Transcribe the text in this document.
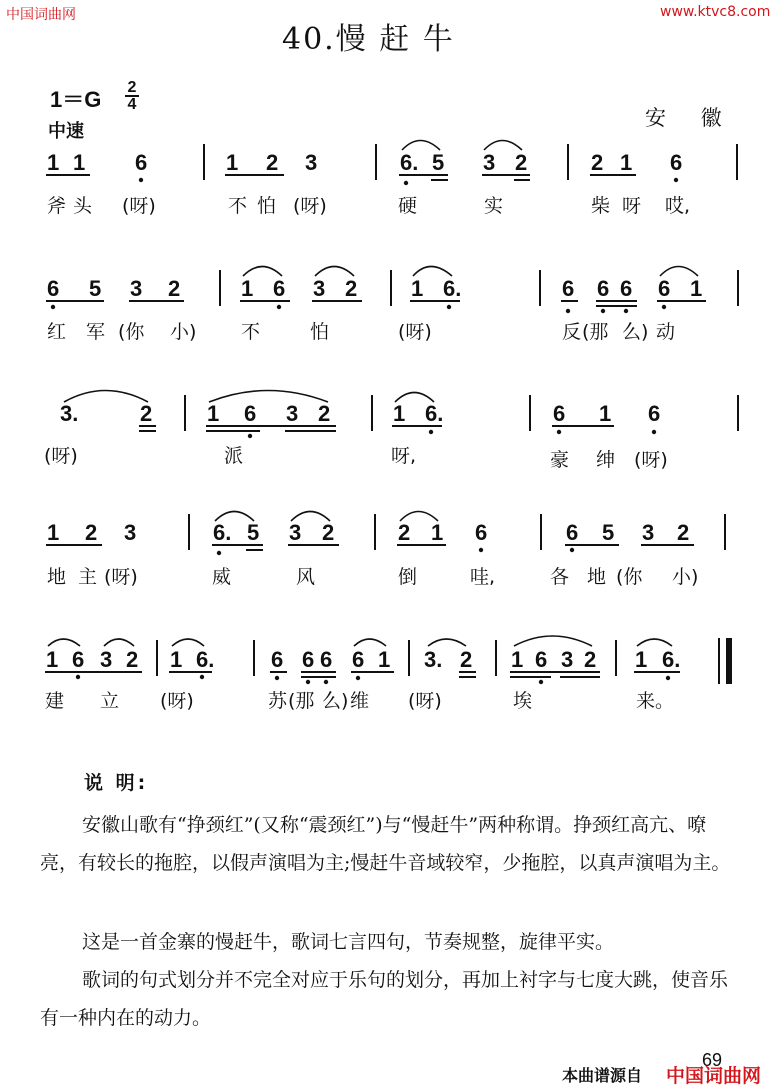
中国词曲网	www.ktvc8.com
40.慢 赶 牛
1＝G 2
4
中速
安 徽
1 1 6	1 2 3	6. 5 3 2	2 1 6
斧 头 (呀)	不 怕 (呀)	硬	实	柴 呀 哎,
6 5 3 2	1 6 3 2 1 6.	6 6 6 6 1
红 军 (你 小) 不	怕	(呀)	反 (那 么) 动
3.	2 1 6 3 2	1 6.	6 1 6
(呀)	派	呀,	豪 绅 (呀)
1 2 3	6. 5 3 2	2 1 6	6 5 3 2
地 主 (呀)	威	风	倒	哇,	各 地 (你 小)
1 6 3 2 1 6.	6 6 6 6 1 3. 2 1 6 3 2 1 6.
建 立 (呀)	苏 (那 么) 维 (呀)	埃	来。
说 明:
安徽山歌有“挣颈红”(又称“震颈红”)与“慢赶牛”两种称谓。挣颈红高亢、嘹亮，有较长的拖腔，以假声演唱为主;慢赶牛音域较窄，少拖腔，以真声演唱为主。
这是一首金寨的慢赶牛，歌词七言四句，节奏规整，旋律平实。
歌词的句式划分并不完全对应于乐句的划分，再加上衬字与七度大跳，使音乐有一种内在的动力。
69
本曲谱源自 中国词曲网
